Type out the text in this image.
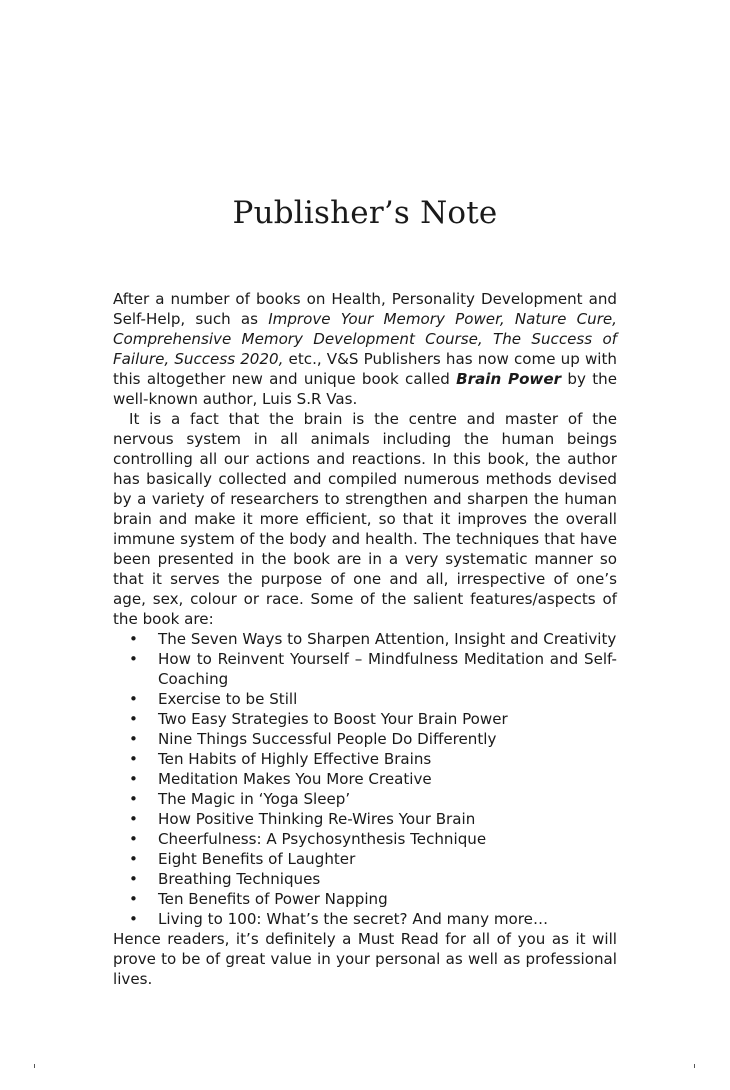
Publisher’s Note

After a number of books on Health, Personality Development and Self-Help, such as Improve Your Memory Power, Nature Cure, Comprehensive Memory Development Course, The Success of Failure, Success 2020, etc., V&S Publishers has now come up with this altogether new and unique book called Brain Power by the well-known author, Luis S.R Vas.

It is a fact that the brain is the centre and master of the nervous system in all animals including the human beings controlling all our actions and reactions. In this book, the author has basically collected and compiled numerous methods devised by a variety of researchers to strengthen and sharpen the human brain and make it more efficient, so that it improves the overall immune system of the body and health. The techniques that have been presented in the book are in a very systematic manner so that it serves the purpose of one and all, irrespective of one’s age, sex, colour or race. Some of the salient features/aspects of the book are:

• The Seven Ways to Sharpen Attention, Insight and Creativity
• How to Reinvent Yourself – Mindfulness Meditation and Self-Coaching
• Exercise to be Still
• Two Easy Strategies to Boost Your Brain Power
• Nine Things Successful People Do Differently
• Ten Habits of Highly Effective Brains
• Meditation Makes You More Creative
• The Magic in ‘Yoga Sleep’
• How Positive Thinking Re-Wires Your Brain
• Cheerfulness: A Psychosynthesis Technique
• Eight Benefits of Laughter
• Breathing Techniques
• Ten Benefits of Power Napping
• Living to 100: What’s the secret? And many more…

Hence readers, it’s definitely a Must Read for all of you as it will prove to be of great value in your personal as well as professional lives.
